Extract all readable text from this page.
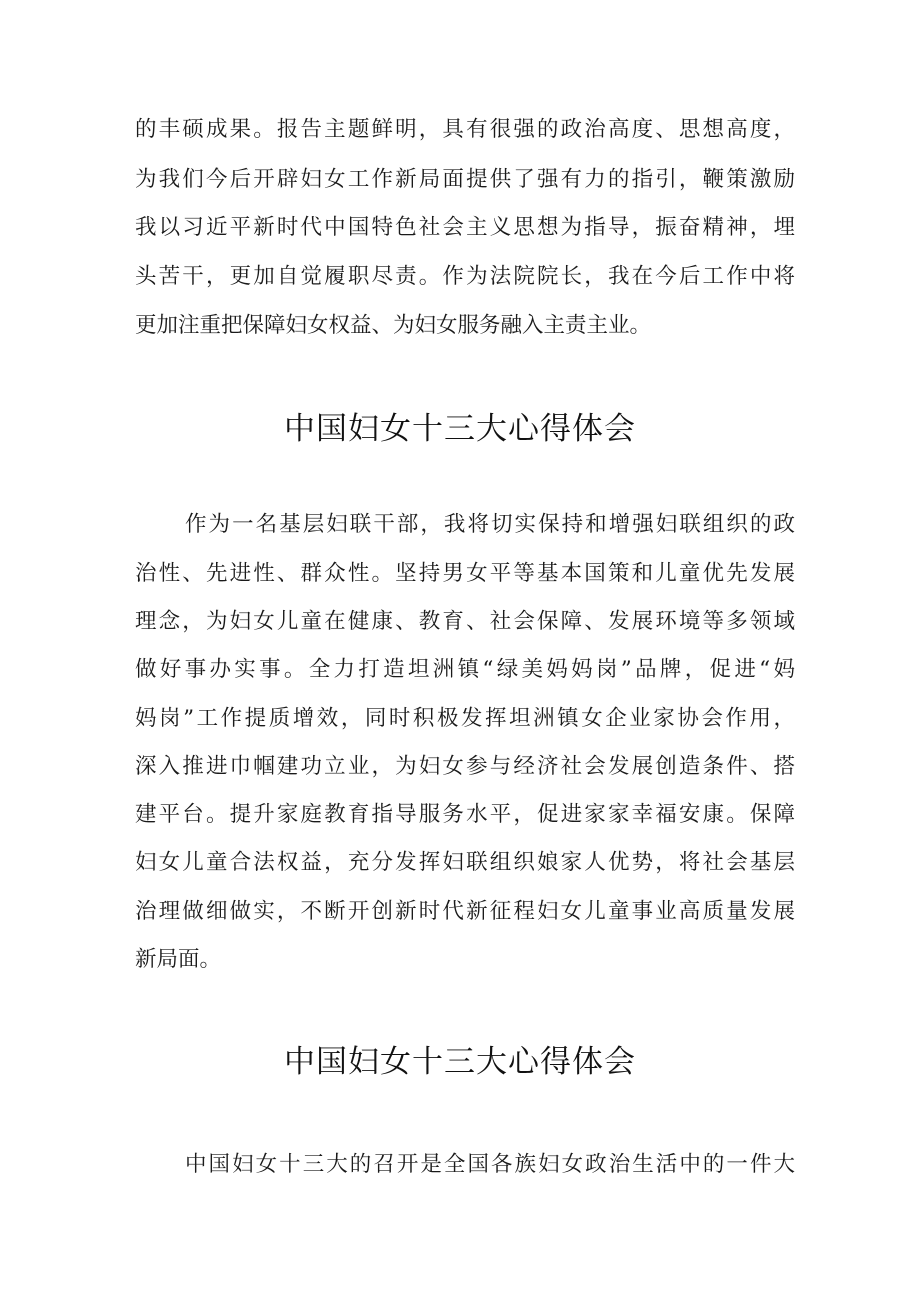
的丰硕成果。报告主题鲜明，具有很强的政治高度、思想高度，
为我们今后开辟妇女工作新局面提供了强有力的指引，鞭策激励
我以习近平新时代中国特色社会主义思想为指导，振奋精神，埋
头苦干，更加自觉履职尽责。作为法院院长，我在今后工作中将
更加注重把保障妇女权益、为妇女服务融入主责主业。
中国妇女十三大心得体会
作为一名基层妇联干部，我将切实保持和增强妇联组织的政
治性、先进性、群众性。坚持男女平等基本国策和儿童优先发展
理念，为妇女儿童在健康、教育、社会保障、发展环境等多领域
做好事办实事。全力打造坦洲镇“绿美妈妈岗”品牌，促进“妈
妈岗”工作提质增效，同时积极发挥坦洲镇女企业家协会作用，
深入推进巾帼建功立业，为妇女参与经济社会发展创造条件、搭
建平台。提升家庭教育指导服务水平，促进家家幸福安康。保障
妇女儿童合法权益，充分发挥妇联组织娘家人优势，将社会基层
治理做细做实，不断开创新时代新征程妇女儿童事业高质量发展
新局面。
中国妇女十三大心得体会
中国妇女十三大的召开是全国各族妇女政治生活中的一件大
